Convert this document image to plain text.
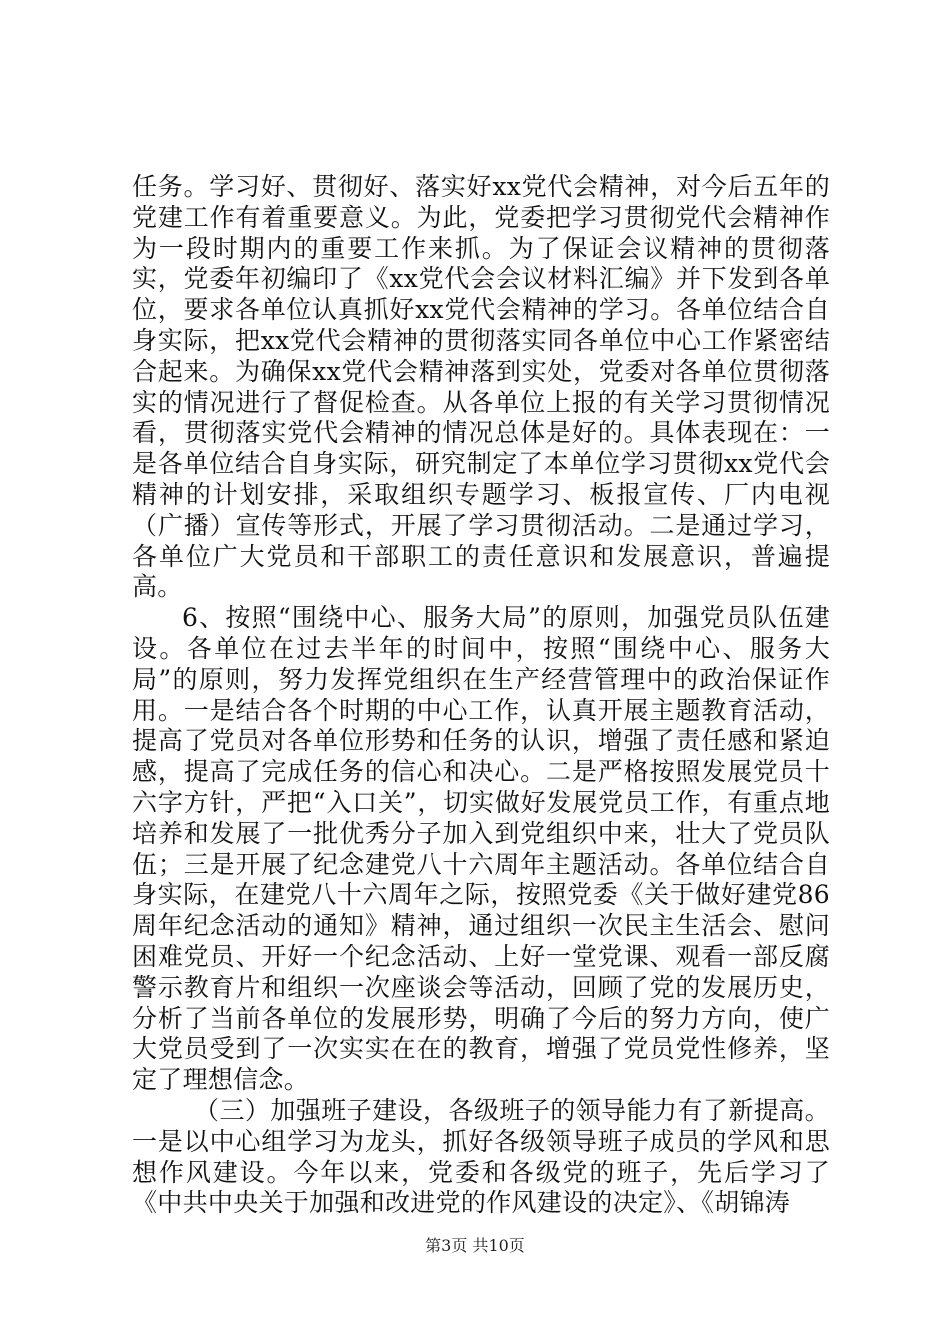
任务。学习好、贯彻好、落实好xx党代会精神，对今后五年的党建工作有着重要意义。为此，党委把学习贯彻党代会精神作为一段时期内的重要工作来抓。为了保证会议精神的贯彻落实，党委年初编印了《xx党代会会议材料汇编》并下发到各单位，要求各单位认真抓好xx党代会精神的学习。各单位结合自身实际，把xx党代会精神的贯彻落实同各单位中心工作紧密结合起来。为确保xx党代会精神落到实处，党委对各单位贯彻落实的情况进行了督促检查。从各单位上报的有关学习贯彻情况看，贯彻落实党代会精神的情况总体是好的。具体表现在：一是各单位结合自身实际，研究制定了本单位学习贯彻xx党代会精神的计划安排，采取组织专题学习、板报宣传、厂内电视（广播）宣传等形式，开展了学习贯彻活动。二是通过学习，各单位广大党员和干部职工的责任意识和发展意识，普遍提高。

6、按照“围绕中心、服务大局”的原则，加强党员队伍建设。各单位在过去半年的时间中，按照“围绕中心、服务大局”的原则，努力发挥党组织在生产经营管理中的政治保证作用。一是结合各个时期的中心工作，认真开展主题教育活动，提高了党员对各单位形势和任务的认识，增强了责任感和紧迫感，提高了完成任务的信心和决心。二是严格按照发展党员十六字方针，严把“入口关”，切实做好发展党员工作，有重点地培养和发展了一批优秀分子加入到党组织中来，壮大了党员队伍；三是开展了纪念建党八十六周年主题活动。各单位结合自身实际，在建党八十六周年之际，按照党委《关于做好建党86周年纪念活动的通知》精神，通过组织一次民主生活会、慰问困难党员、开好一个纪念活动、上好一堂党课、观看一部反腐警示教育片和组织一次座谈会等活动，回顾了党的发展历史，分析了当前各单位的发展形势，明确了今后的努力方向，使广大党员受到了一次实实在在的教育，增强了党员党性修养，坚定了理想信念。

（三）加强班子建设，各级班子的领导能力有了新提高。一是以中心组学习为龙头，抓好各级领导班子成员的学风和思想作风建设。今年以来，党委和各级党的班子，先后学习了《中共中央关于加强和改进党的作风建设的决定》、《胡锦涛

第3页 共10页
